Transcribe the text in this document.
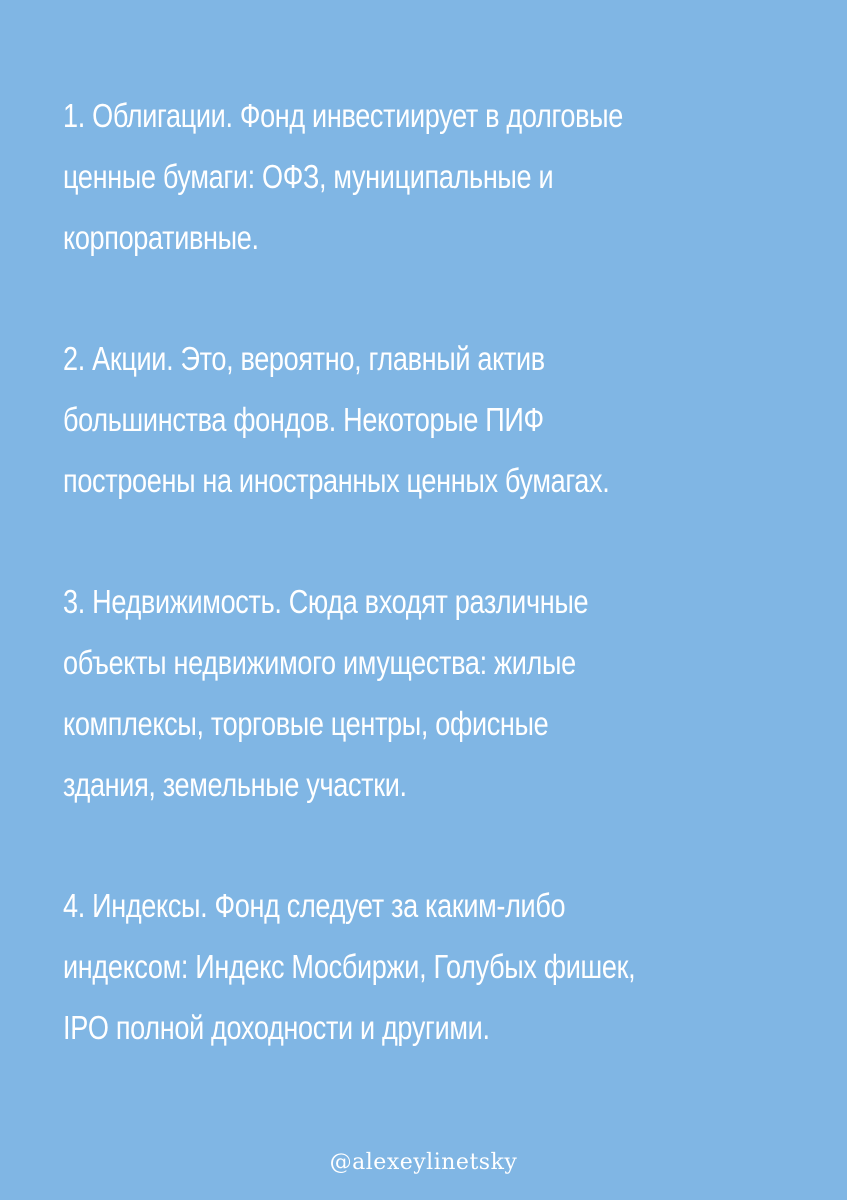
1. Облигации. Фонд инвестиирует в долговые
ценные бумаги: ОФЗ, муниципальные и
корпоративные.

2. Акции. Это, вероятно, главный актив
большинства фондов. Некоторые ПИФ
построены на иностранных ценных бумагах.

3. Недвижимость. Сюда входят различные
объекты недвижимого имущества: жилые
комплексы, торговые центры, офисные
здания, земельные участки.

4. Индексы. Фонд следует за каким-либо
индексом: Индекс Мосбиржи, Голубых фишек,
IPO полной доходности и другими.

@alexeylinetsky
